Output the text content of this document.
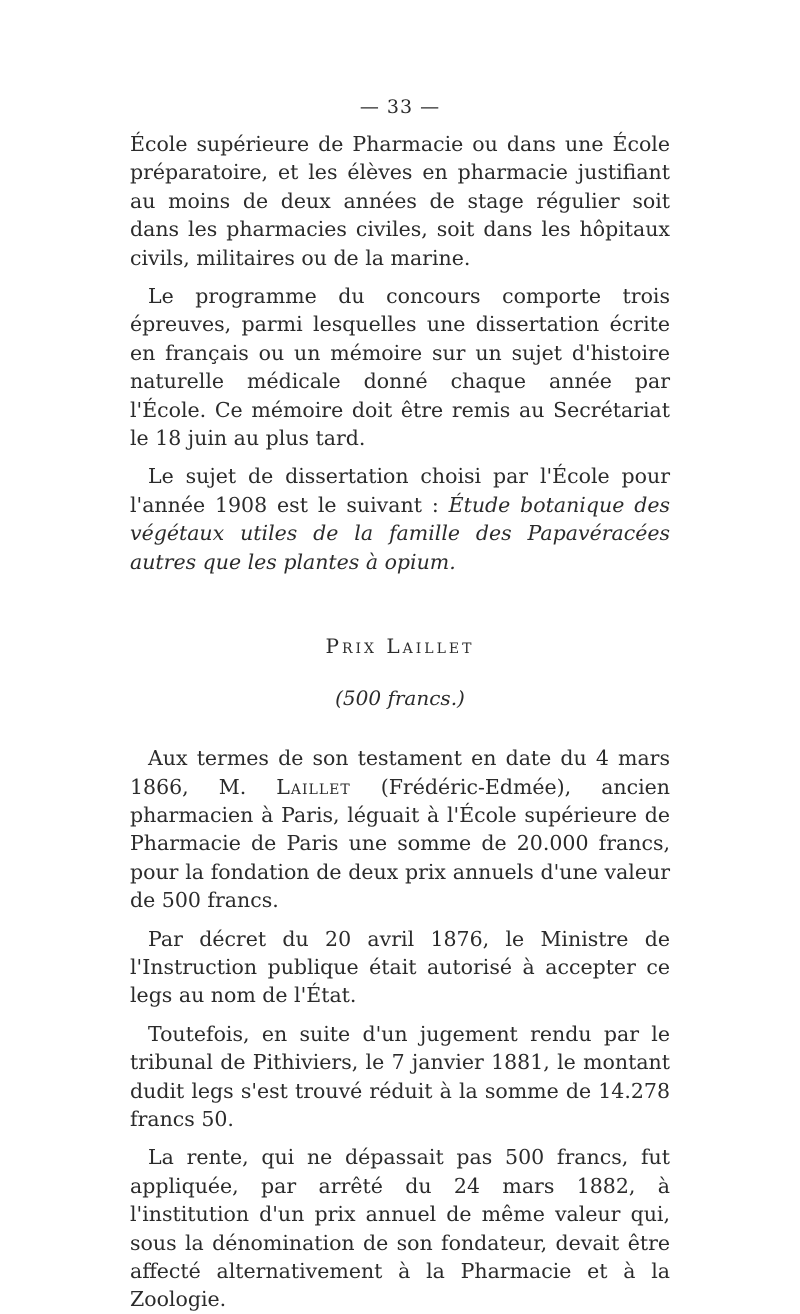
— 33 —

École supérieure de Pharmacie ou dans une École préparatoire, et les élèves en pharmacie justifiant au moins de deux années de stage régulier soit dans les pharmacies civiles, soit dans les hôpitaux civils, militaires ou de la marine.

Le programme du concours comporte trois épreuves, parmi lesquelles une dissertation écrite en français ou un mémoire sur un sujet d'histoire naturelle médicale donné chaque année par l'École. Ce mémoire doit être remis au Secrétariat le 18 juin au plus tard.

Le sujet de dissertation choisi par l'École pour l'année 1908 est le suivant : Étude botanique des végétaux utiles de la famille des Papavéracées autres que les plantes à opium.

Prix Laillet
(500 francs.)

Aux termes de son testament en date du 4 mars 1866, M. Laillet (Frédéric-Edmée), ancien pharmacien à Paris, léguait à l'École supérieure de Pharmacie de Paris une somme de 20.000 francs, pour la fondation de deux prix annuels d'une valeur de 500 francs.

Par décret du 20 avril 1876, le Ministre de l'Instruction publique était autorisé à accepter ce legs au nom de l'État.

Toutefois, en suite d'un jugement rendu par le tribunal de Pithiviers, le 7 janvier 1881, le montant dudit legs s'est trouvé réduit à la somme de 14.278 francs 50.

La rente, qui ne dépassait pas 500 francs, fut appliquée, par arrêté du 24 mars 1882, à l'institution d'un prix annuel de même valeur qui, sous la dénomination de son fondateur, devait être affecté alternativement à la Pharmacie et à la Zoologie.
